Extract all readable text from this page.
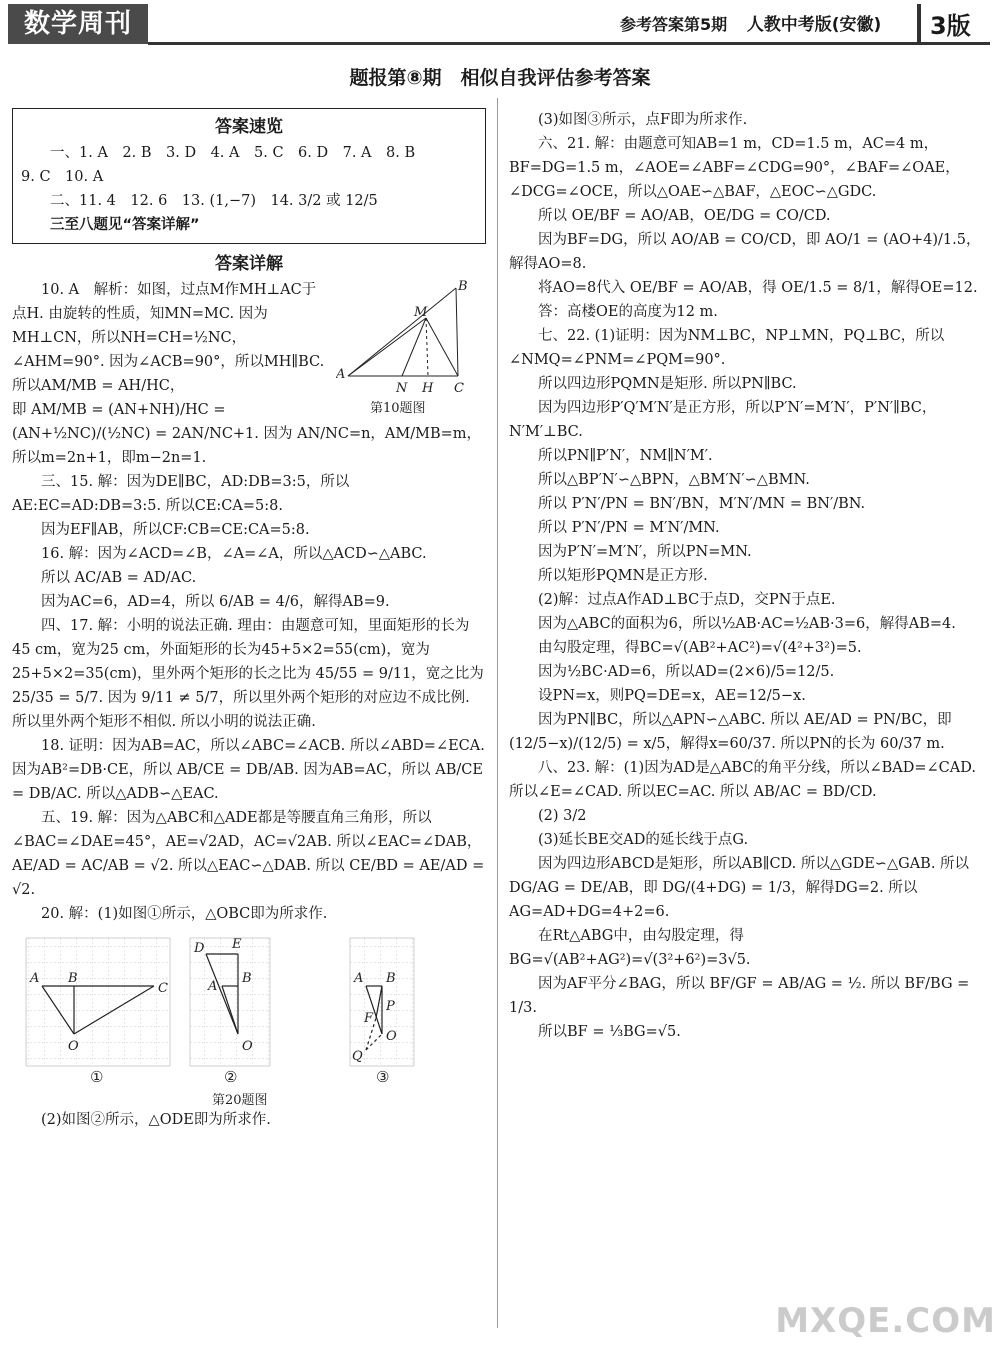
数学周刊	参考答案第5期 人教中考版(安徽) 3版
题报第⑧期　相似自我评估参考答案
答案速览

一、1. A　2. B　3. D　4. A　5. C　6. D　7. A　8. B

9. C　10. A

二、11. 4　12. 6　13. (1,−7)　14. 3/2 或 12/5

三至八题见“答案详解”

答案详解
M
B
A
N H C
第10题图

10. A　解析：如图，过点M作MH⊥AC于点H. 由旋转的性质，知MN=MC. 因为MH⊥CN，所以NH=CH=½NC，∠AHM=90°. 因为∠ACB=90°，所以MH∥BC. 所以AM/MB = AH/HC，

即 AM/MB = (AN+NH)/HC = (AN+½NC)/(½NC) = 2AN/NC+1. 因为 AN/NC=n，AM/MB=m，所以m=2n+1，即m−2n=1.

三、15. 解：因为DE∥BC，AD:DB=3:5，所以AE:EC=AD:DB=3:5. 所以CE:CA=5:8.

因为EF∥AB，所以CF:CB=CE:CA=5:8.

16. 解：因为∠ACD=∠B，∠A=∠A，所以△ACD∽△ABC.

所以 AC/AB = AD/AC.

因为AC=6，AD=4，所以 6/AB = 4/6，解得AB=9.

四、17. 解：小明的说法正确. 理由：由题意可知，里面矩形的长为45 cm，宽为25 cm，外面矩形的长为45+5×2=55(cm)，宽为25+5×2=35(cm)，里外两个矩形的长之比为 45/55 = 9/11，宽之比为 25/35 = 5/7. 因为 9/11 ≠ 5/7，所以里外两个矩形的对应边不成比例. 所以里外两个矩形不相似. 所以小明的说法正确.

18. 证明：因为AB=AC，所以∠ABC=∠ACB. 所以∠ABD=∠ECA. 因为AB²=DB·CE，所以 AB/CE = DB/AB. 因为AB=AC，所以 AB/CE = DB/AC. 所以△ADB∽△EAC.

五、19. 解：因为△ABC和△ADE都是等腰直角三角形，所以∠BAC=∠DAE=45°，AE=√2AD，AC=√2AB. 所以∠EAC=∠DAB，AE/AD = AC/AB = √2. 所以△EAC∽△DAB. 所以 CE/BD = AE/AD = √2.

20. 解：(1)如图①所示，△OBC即为所求作.

A B
C
O
D E
A
B
O
A B
P
F
O
Q
①	②	③
第20题图

(2)如图②所示，△ODE即为所求作.

(3)如图③所示，点F即为所求作.

六、21. 解：由题意可知AB=1 m，CD=1.5 m，AC=4 m，BF=DG=1.5 m，∠AOE=∠ABF=∠CDG=90°，∠BAF=∠OAE，∠DCG=∠OCE，所以△OAE∽△BAF，△EOC∽△GDC.

所以 OE/BF = AO/AB，OE/DG = CO/CD.

因为BF=DG，所以 AO/AB = CO/CD，即 AO/1 = (AO+4)/1.5，解得AO=8.

将AO=8代入 OE/BF = AO/AB，得 OE/1.5 = 8/1，解得OE=12.

答：高楼OE的高度为12 m.

七、22. (1)证明：因为NM⊥BC，NP⊥MN，PQ⊥BC，所以∠NMQ=∠PNM=∠PQM=90°.

所以四边形PQMN是矩形. 所以PN∥BC.

因为四边形P′Q′M′N′是正方形，所以P′N′=M′N′，P′N′∥BC，N′M′⊥BC.

所以PN∥P′N′，NM∥N′M′.

所以△BP′N′∽△BPN，△BM′N′∽△BMN.

所以 P′N′/PN = BN′/BN，M′N′/MN = BN′/BN.

所以 P′N′/PN = M′N′/MN.

因为P′N′=M′N′，所以PN=MN.

所以矩形PQMN是正方形.

(2)解：过点A作AD⊥BC于点D，交PN于点E.

因为△ABC的面积为6，所以½AB·AC=½AB·3=6，解得AB=4.

由勾股定理，得BC=√(AB²+AC²)=√(4²+3²)=5.

因为½BC·AD=6，所以AD=(2×6)/5=12/5.

设PN=x，则PQ=DE=x，AE=12/5−x.

因为PN∥BC，所以△APN∽△ABC. 所以 AE/AD = PN/BC，即

(12/5−x)/(12/5) = x/5，解得x=60/37. 所以PN的长为 60/37 m.

八、23. 解：(1)因为AD是△ABC的角平分线，所以∠BAD=∠CAD. 所以∠E=∠CAD. 所以EC=AC. 所以 AB/AC = BD/CD.

(2) 3/2

(3)延长BE交AD的延长线于点G.

因为四边形ABCD是矩形，所以AB∥CD. 所以△GDE∽△GAB. 所以 DG/AG = DE/AB，即 DG/(4+DG) = 1/3，解得DG=2. 所以AG=AD+DG=4+2=6.

在Rt△ABG中，由勾股定理，得BG=√(AB²+AG²)=√(3²+6²)=3√5.

因为AF平分∠BAG，所以 BF/GF = AB/AG = ½. 所以 BF/BG = 1/3.

所以BF = ⅓BG=√5.

MXQE.COM
